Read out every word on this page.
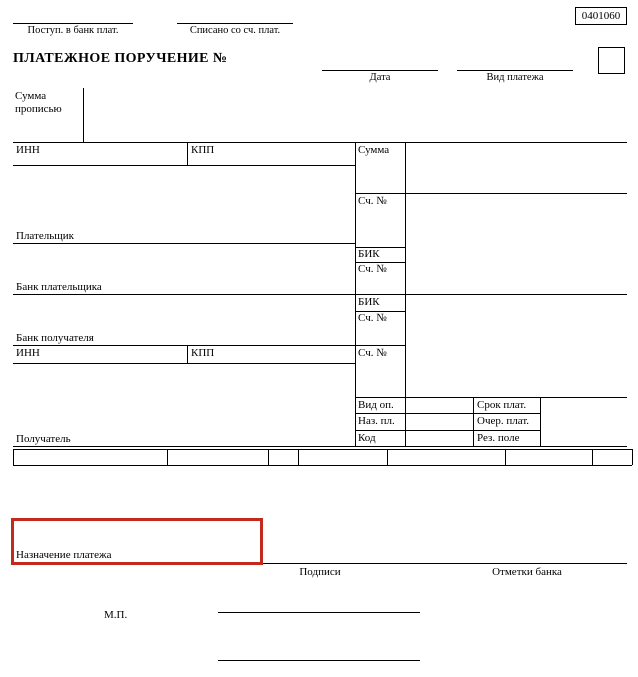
Поступ. в банк плат.	Списано со сч. плат.
0401060
ПЛАТЕЖНОЕ ПОРУЧЕНИЕ №
Дата	Вид платежа
Сумма прописью
ИНН	КПП	Сумма
Сч. №
Плательщик
БИК
Сч. №
Банк плательщика
БИК
Сч. №
Банк получателя
ИНН	КПП	Сч. №
Вид оп.	Срок плат.
Наз. пл.	Очер. плат.
Код	Рез. поле
Получатель
Назначение платежа
Подписи	Отметки банка
М.П.
